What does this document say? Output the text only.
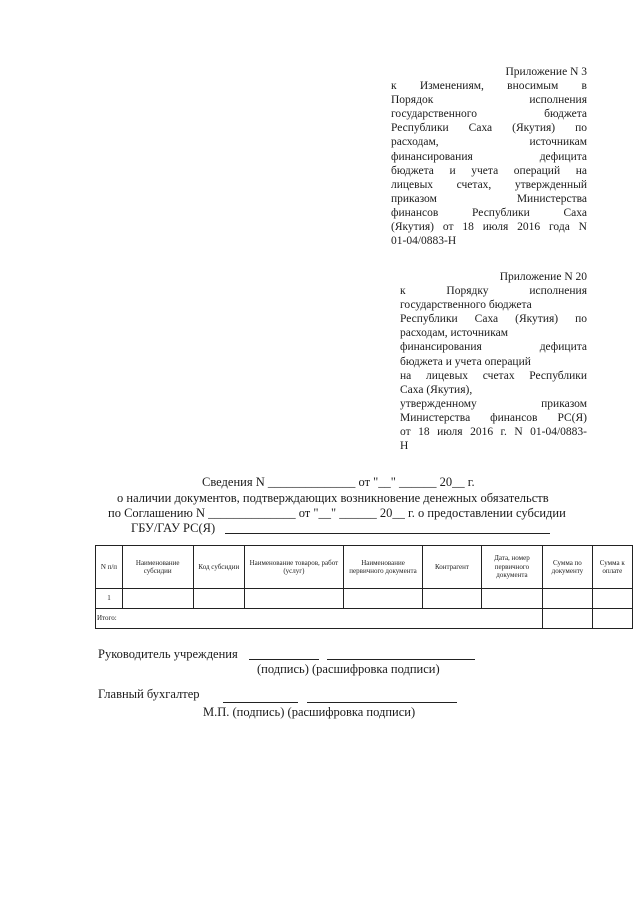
Приложение N 3
к Изменениям, вносимым в
Порядок исполнения
государственного бюджета
Республики Саха (Якутия) по
расходам, источникам
финансирования дефицита
бюджета и учета операций на
лицевых счетах, утвержденный
приказом Министерства
финансов Республики Саха
(Якутия) от 18 июля 2016 года N
01-04/0883-Н
Приложение N 20
к Порядку исполнения
государственного бюджета
Республики Саха (Якутия) по
расходам, источникам
финансирования дефицита
бюджета и учета операций
на лицевых счетах Республики
Саха (Якутия),
утвержденному приказом
Министерства финансов РС(Я)
от 18 июля 2016 г. N 01-04/0883-
Н
Сведения N ______________ от "__" ______ 20__ г.
о наличии документов, подтверждающих возникновение денежных обязательств
по Соглашению N ______________ от "__" ______ 20__ г. о предоставлении субсидии
ГБУ/ГАУ РС(Я)
N п/п	Наименование субсидии	Код субсидии	Наименование товаров, работ (услуг)	Наименование первичного документа	Контрагент	Дата, номер первичного документа	Сумма по документу	Сумма к оплате
1								
Итого:								
Руководитель учреждения
(подпись) (расшифровка подписи)
Главный бухгалтер
М.П. (подпись) (расшифровка подписи)
